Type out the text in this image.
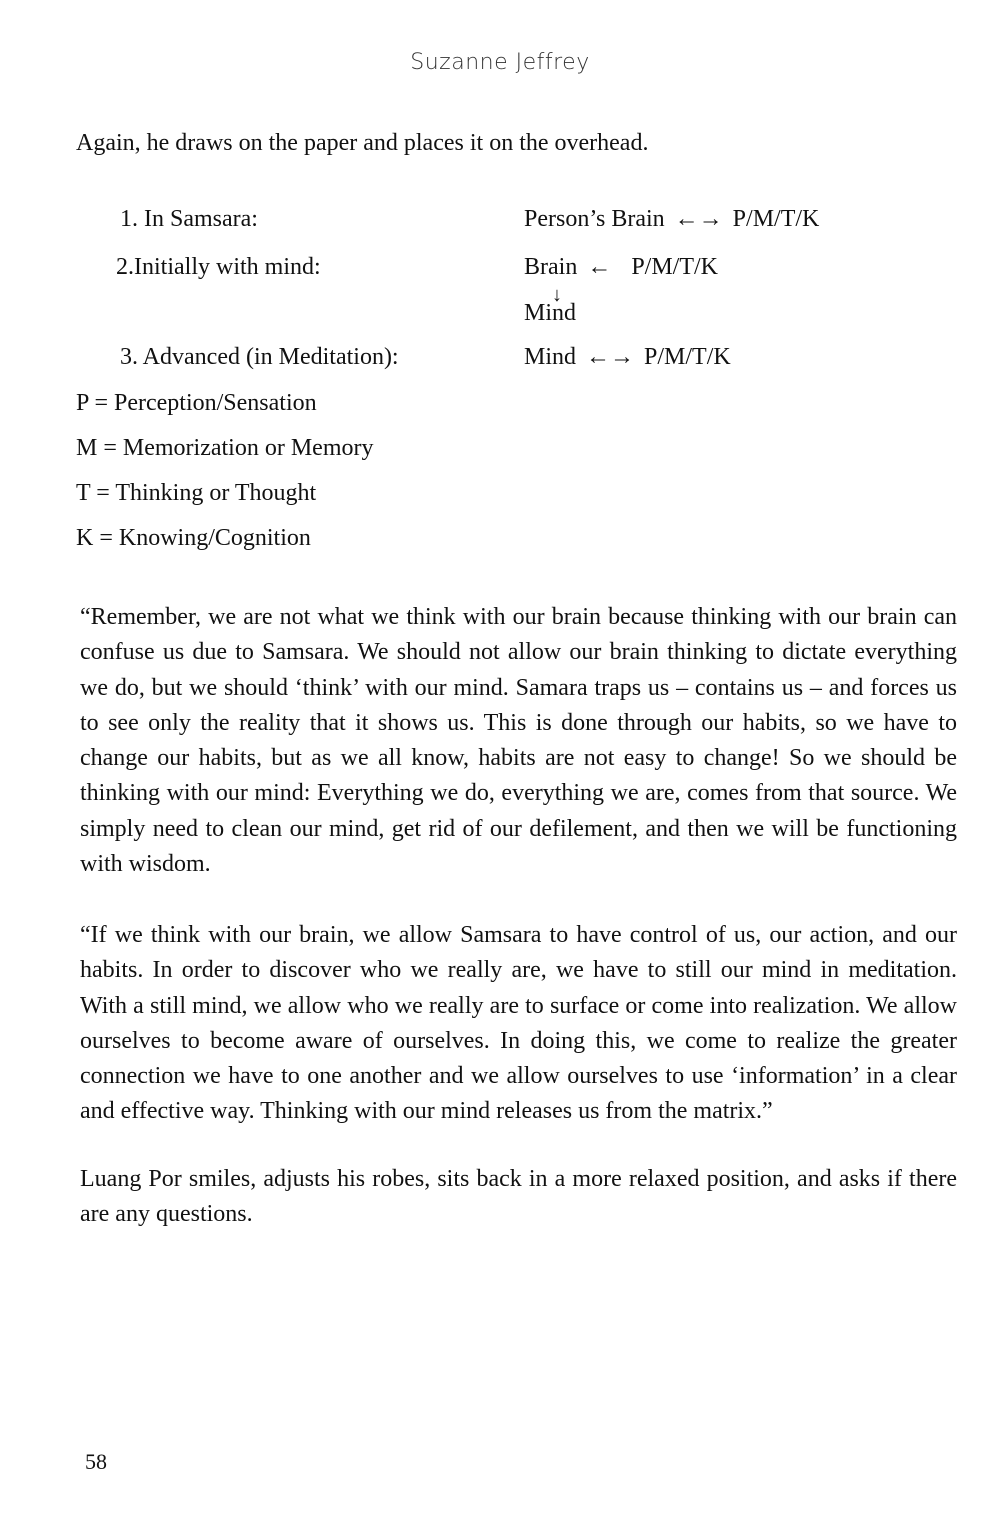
Suzanne Jeffrey
Again, he draws on the paper and places it on the overhead.
1. In Samsara:	Person’s Brain ←→ P/M/T/K
2.Initially with mind:	Brain ← P/M/T/K
↓
Mind
3. Advanced (in Meditation):	Mind ←→ P/M/T/K
P = Perception/Sensation
M = Memorization or Memory
T = Thinking or Thought
K = Knowing/Cognition

“Remember, we are not what we think with our brain because thinking with our brain can confuse us due to Samsara. We should not allow our brain thinking to dictate everything we do, but we should ‘think’ with our mind. Samara traps us – contains us – and forces us to see only the reality that it shows us. This is done through our habits, so we have to change our habits, but as we all know, habits are not easy to change! So we should be thinking with our mind: Everything we do, everything we are, comes from that source. We simply need to clean our mind, get rid of our defilement, and then we will be functioning with wisdom.

“If we think with our brain, we allow Samsara to have control of us, our action, and our habits. In order to discover who we really are, we have to still our mind in meditation. With a still mind, we allow who we really are to surface or come into realization. We allow ourselves to become aware of ourselves. In doing this, we come to realize the greater connection we have to one another and we allow ourselves to use ‘information’ in a clear and effective way. Thinking with our mind releases us from the matrix.”

Luang Por smiles, adjusts his robes, sits back in a more relaxed position, and asks if there are any questions.

58
